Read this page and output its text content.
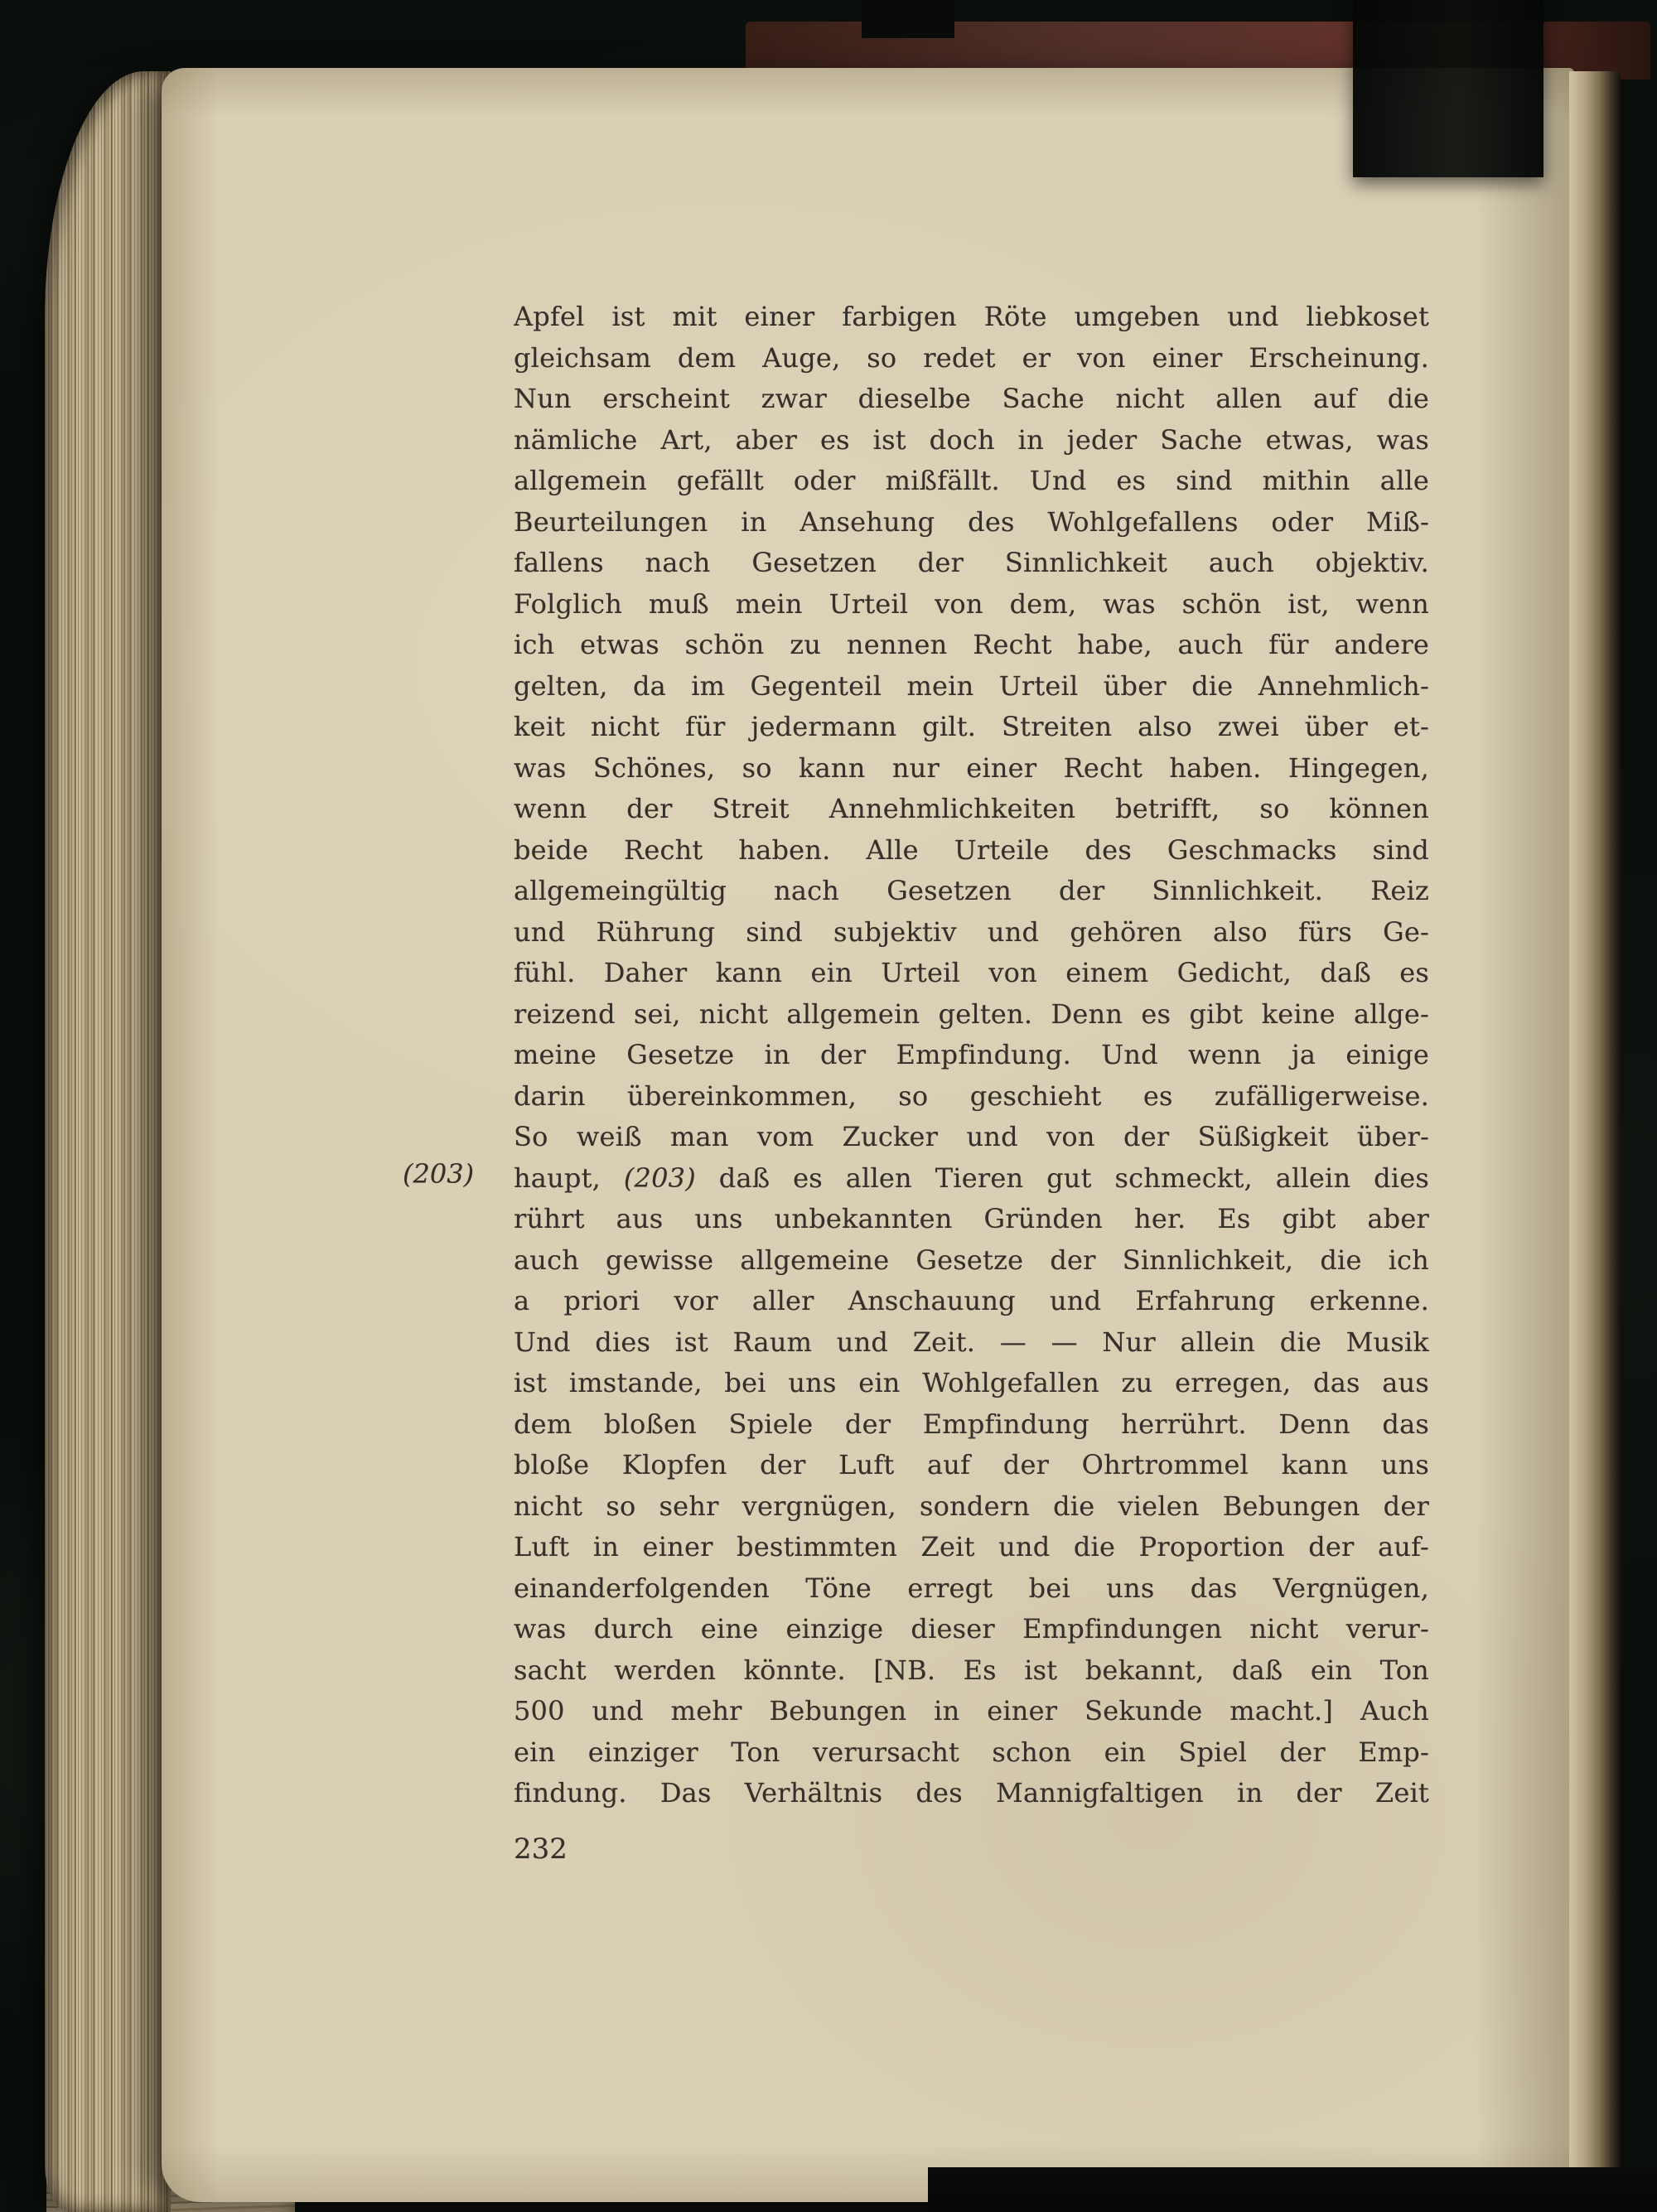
(203)
Apfel ist mit einer farbigen Röte umgeben und liebkoset
gleichsam dem Auge, so redet er von einer Erscheinung.
Nun erscheint zwar dieselbe Sache nicht allen auf die
nämliche Art, aber es ist doch in jeder Sache etwas, was
allgemein gefällt oder mißfällt. Und es sind mithin alle
Beurteilungen in Ansehung des Wohlgefallens oder Miß-
fallens nach Gesetzen der Sinnlichkeit auch objektiv.
Folglich muß mein Urteil von dem, was schön ist, wenn
ich etwas schön zu nennen Recht habe, auch für andere
gelten, da im Gegenteil mein Urteil über die Annehmlich-
keit nicht für jedermann gilt. Streiten also zwei über et-
was Schönes, so kann nur einer Recht haben. Hingegen,
wenn der Streit Annehmlichkeiten betrifft, so können
beide Recht haben. Alle Urteile des Geschmacks sind
allgemeingültig nach Gesetzen der Sinnlichkeit. Reiz
und Rührung sind subjektiv und gehören also fürs Ge-
fühl. Daher kann ein Urteil von einem Gedicht, daß es
reizend sei, nicht allgemein gelten. Denn es gibt keine allge-
meine Gesetze in der Empfindung. Und wenn ja einige
darin übereinkommen, so geschieht es zufälligerweise.
So weiß man vom Zucker und von der Süßigkeit über-
haupt, (203) daß es allen Tieren gut schmeckt, allein dies
rührt aus uns unbekannten Gründen her. Es gibt aber
auch gewisse allgemeine Gesetze der Sinnlichkeit, die ich
a priori vor aller Anschauung und Erfahrung erkenne.
Und dies ist Raum und Zeit. — — Nur allein die Musik
ist imstande, bei uns ein Wohlgefallen zu erregen, das aus
dem bloßen Spiele der Empfindung herrührt. Denn das
bloße Klopfen der Luft auf der Ohrtrommel kann uns
nicht so sehr vergnügen, sondern die vielen Bebungen der
Luft in einer bestimmten Zeit und die Proportion der auf-
einanderfolgenden Töne erregt bei uns das Vergnügen,
was durch eine einzige dieser Empfindungen nicht verur-
sacht werden könnte. [NB. Es ist bekannt, daß ein Ton
500 und mehr Bebungen in einer Sekunde macht.] Auch
ein einziger Ton verursacht schon ein Spiel der Emp-
findung. Das Verhältnis des Mannigfaltigen in der Zeit
232
